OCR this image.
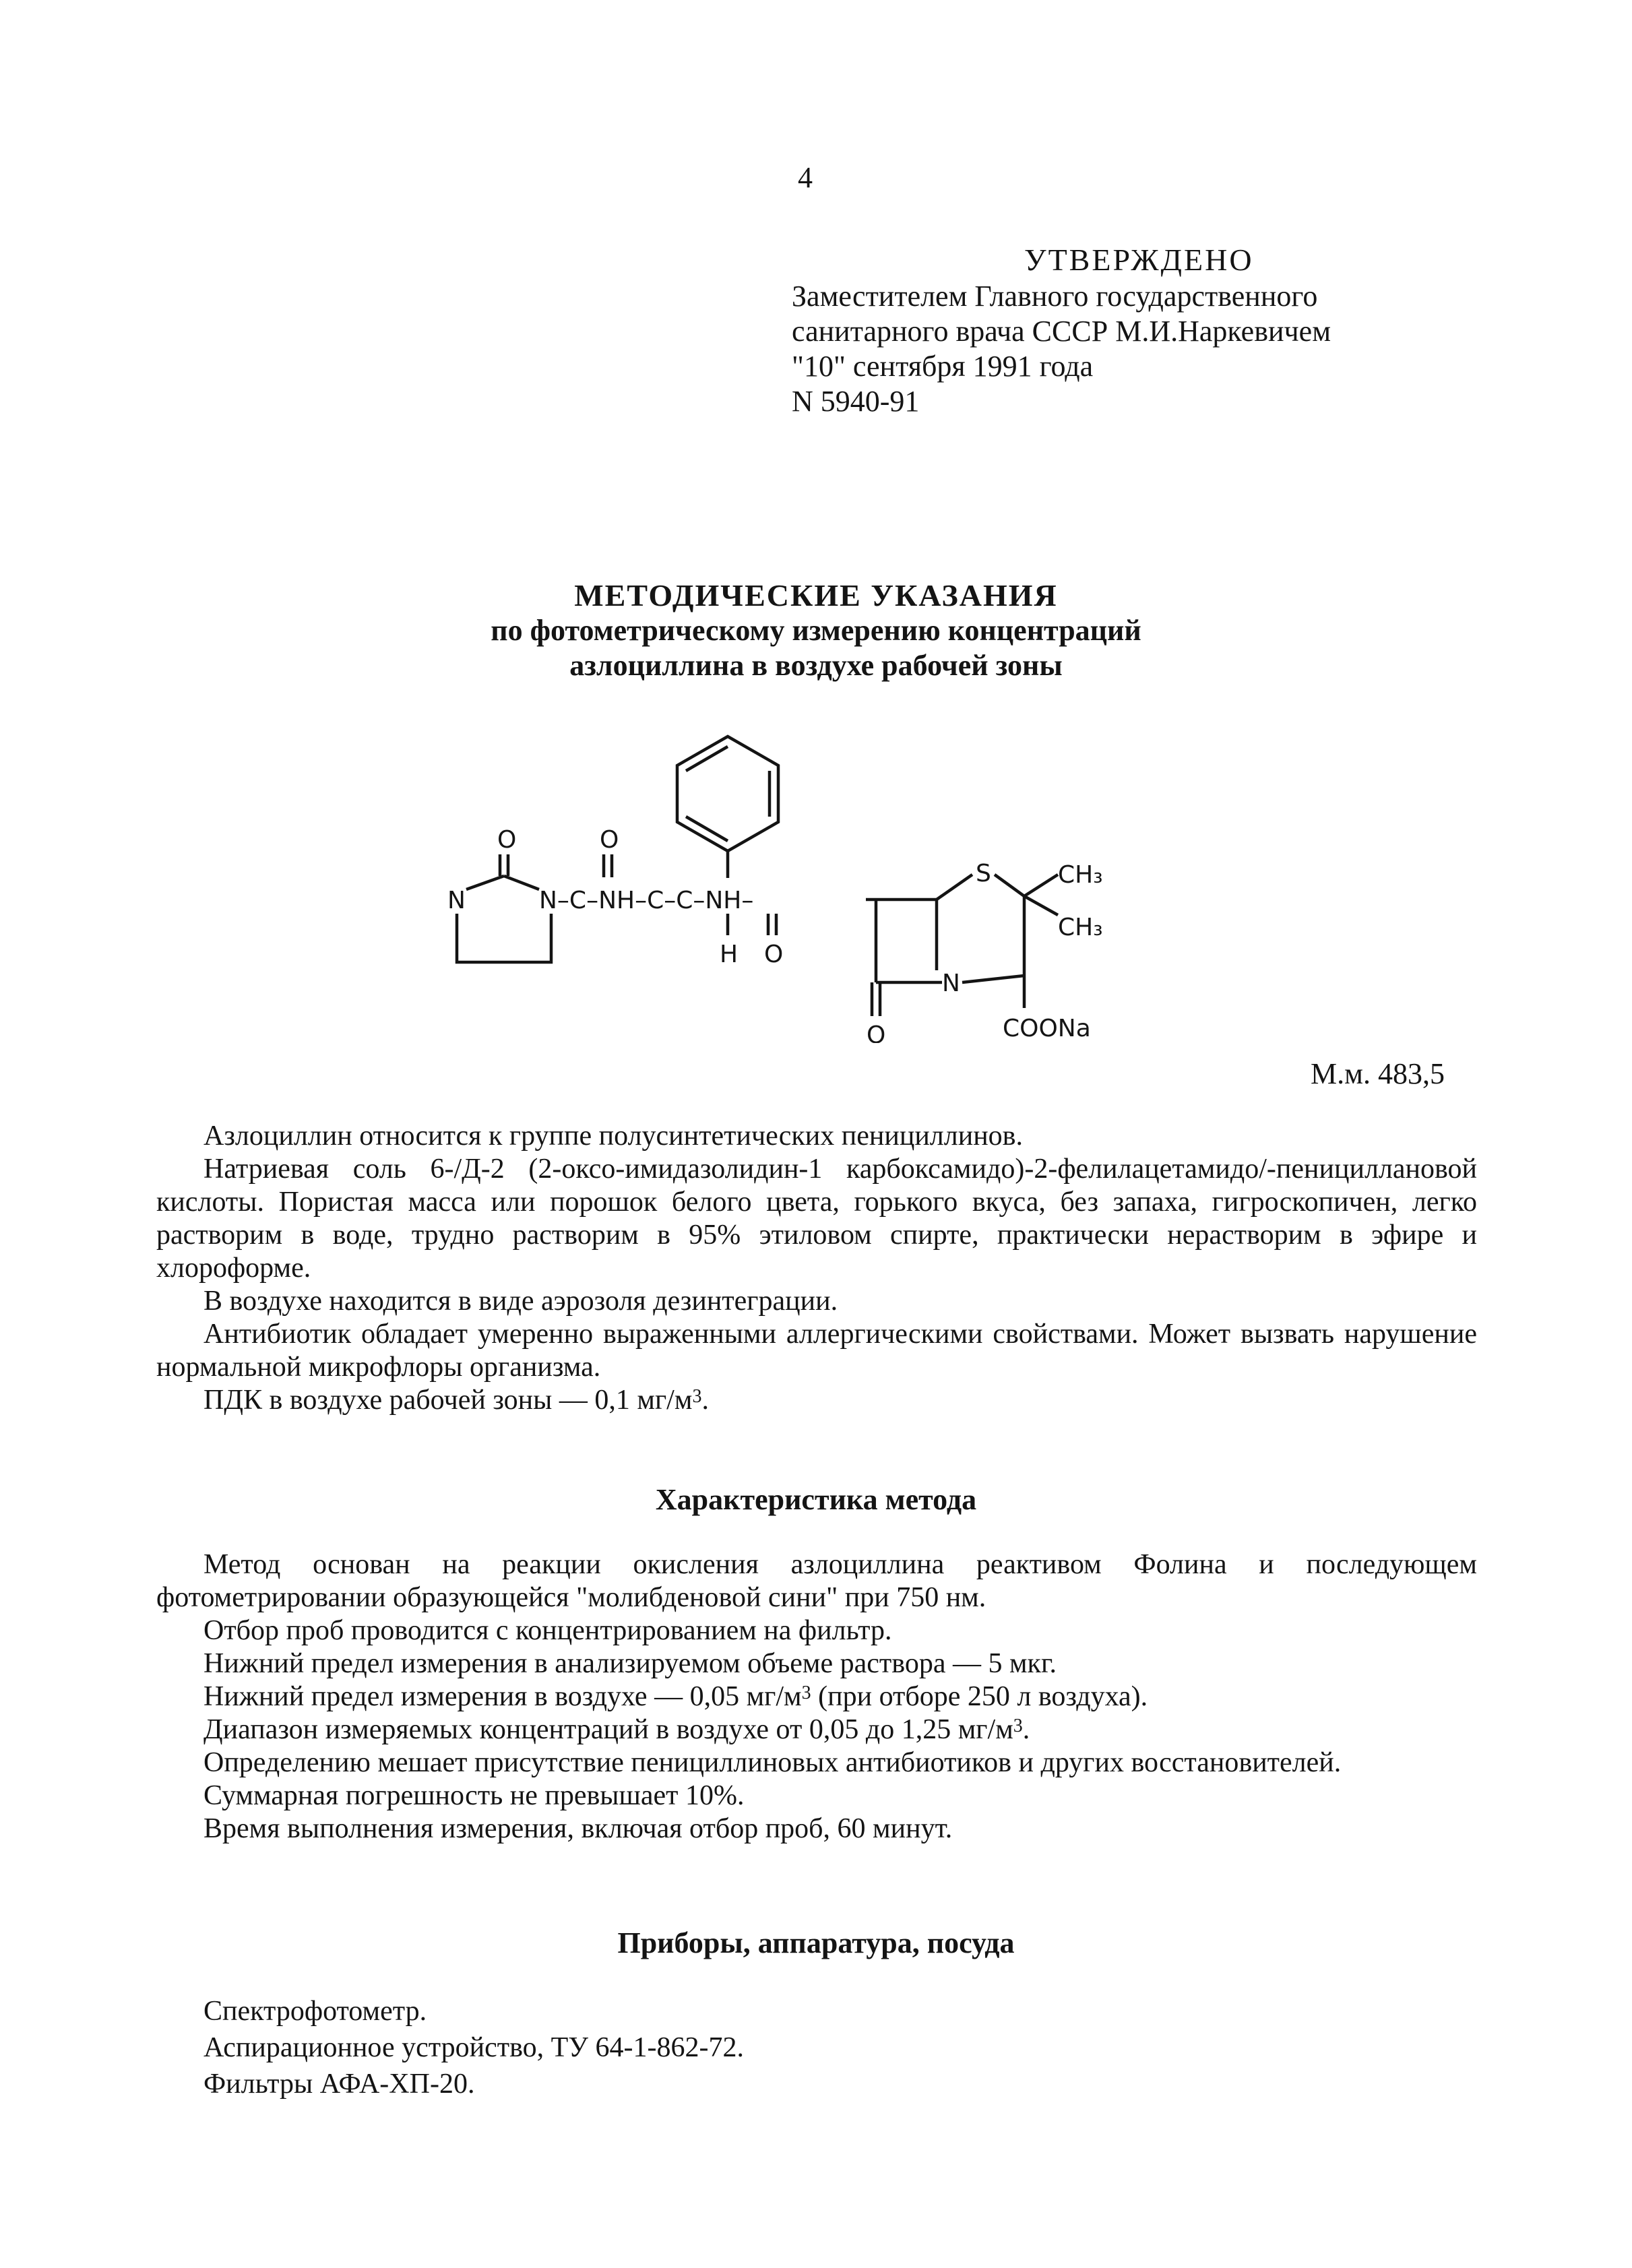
4
УТВЕРЖДЕНО
Заместителем Главного государственного
санитарного врача СССР М.И.Наркевичем
"10" сентября 1991 года
N 5940-91
МЕТОДИЧЕСКИЕ УКАЗАНИЯ
по фотометрическому измерению концентраций
азлоциллина в воздухе рабочей зоны
O
N	N–C–NH–C–C–NH–
O
H O
O
N
S	CH₃
CH₃
COONa
М.м. 483,5

Азлоциллин относится к группе полусинтетических пенициллинов.

Натриевая соль 6-/Д-2 (2-оксо-имидазолидин-1 карбоксамидо)-2-фелилацетамидо/-пенициллановой кислоты. Пористая масса или порошок белого цвета, горького вкуса, без запаха, гигроскопичен, легко растворим в воде, трудно растворим в 95% этиловом спирте, практически нерастворим в эфире и хлороформе.

В воздухе находится в виде аэрозоля дезинтеграции.

Антибиотик обладает умеренно выраженными аллергическими свойствами. Может вызвать нарушение нормальной микрофлоры организма.

ПДК в воздухе рабочей зоны — 0,1 $мг/м^3$.

Характеристика метода

Метод основан на реакции окисления азлоциллина реактивом Фолина и последующем фотометрировании образующейся "молибденовой сини" при 750 нм.

Отбор проб проводится с концентрированием на фильтр.

Нижний предел измерения в анализируемом объеме раствора — 5 мкг.

Нижний предел измерения в воздухе — 0,05 $мг/м^3$ (при отборе 250 л воздуха).

Диапазон измеряемых концентраций в воздухе от 0,05 до 1,25 $мг/м^3$.

Определению мешает присутствие пенициллиновых антибиотиков и других восстановителей.

Суммарная погрешность не превышает 10%.

Время выполнения измерения, включая отбор проб, 60 минут.

Приборы, аппаратура, посуда

Спектрофотометр.

Аспирационное устройство, ТУ 64-1-862-72.

Фильтры АФА-ХП-20.
